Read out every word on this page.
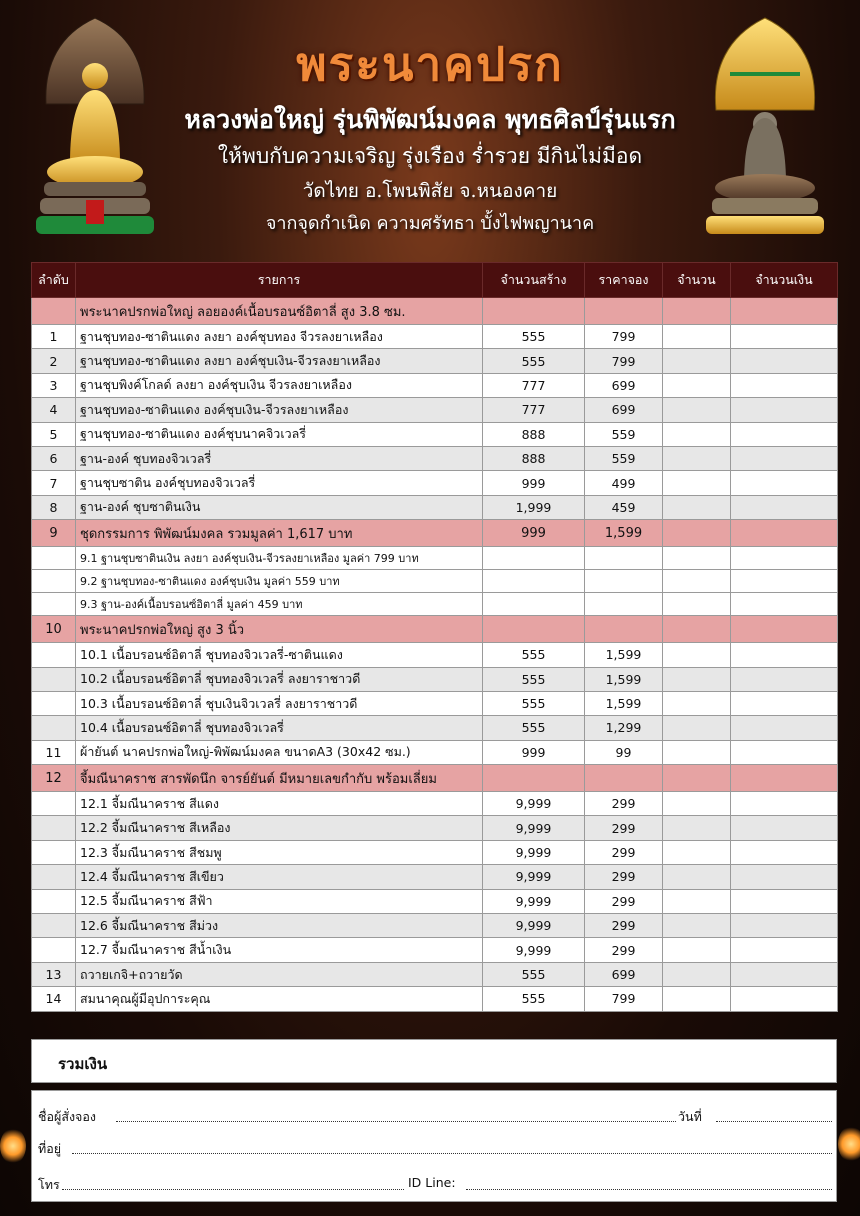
พระนาคปรก
หลวงพ่อใหญ่ รุ่นพิพัฒน์มงคล พุทธศิลป์รุ่นแรก
ให้พบกับความเจริญ รุ่งเรือง ร่ำรวย มีกินไม่มีอด
วัดไทย อ.โพนพิสัย จ.หนองคาย
จากจุดกำเนิด ความศรัทธา บั้งไฟพญานาค
ลำดับ	รายการ	จำนวนสร้าง	ราคาจอง	จำนวน	จำนวนเงิน
	พระนาคปรกพ่อใหญ่ ลอยองค์เนื้อบรอนซ์อิตาลี่ สูง 3.8 ซม.				
1	ฐานชุบทอง-ซาตินแดง ลงยา องค์ชุบทอง จีวรลงยาเหลือง	555	799		
2	ฐานชุบทอง-ซาตินแดง ลงยา องค์ชุบเงิน-จีวรลงยาเหลือง	555	799		
3	ฐานชุบพิงค์โกลด์ ลงยา องค์ชุบเงิน จีวรลงยาเหลือง	777	699		
4	ฐานชุบทอง-ซาตินแดง องค์ชุบเงิน-จีวรลงยาเหลือง	777	699		
5	ฐานชุบทอง-ซาตินแดง องค์ชุบนาคจิวเวลรี่	888	559		
6	ฐาน-องค์ ชุบทองจิวเวลรี่	888	559		
7	ฐานชุบซาติน องค์ชุบทองจิวเวลรี่	999	499		
8	ฐาน-องค์ ชุบซาตินเงิน	1,999	459		
9	ชุดกรรมการ พิพัฒน์มงคล รวมมูลค่า 1,617 บาท	999	1,599		
	9.1 ฐานชุบซาตินเงิน ลงยา องค์ชุบเงิน-จีวรลงยาเหลือง มูลค่า 799 บาท				
	9.2 ฐานชุบทอง-ซาตินแดง องค์ชุบเงิน มูลค่า 559 บาท				
	9.3 ฐาน-องค์เนื้อบรอนซ์อิตาลี่ มูลค่า 459 บาท				
10	พระนาคปรกพ่อใหญ่ สูง 3 นิ้ว				
	10.1 เนื้อบรอนซ์อิตาลี่ ชุบทองจิวเวลรี่-ซาตินแดง	555	1,599		
	10.2 เนื้อบรอนซ์อิตาลี่ ชุบทองจิวเวลรี่ ลงยาราชาวดี	555	1,599		
	10.3 เนื้อบรอนซ์อิตาลี่ ชุบเงินจิวเวลรี่ ลงยาราชาวดี	555	1,599		
	10.4 เนื้อบรอนซ์อิตาลี่ ชุบทองจิวเวลรี่	555	1,299		
11	ผ้ายันต์ นาคปรกพ่อใหญ่-พิพัฒน์มงคล ขนาดA3 (30x42 ซม.)	999	99		
12	จี้มณีนาคราช สารพัดนึก จารย์ยันต์ มีหมายเลขกำกับ พร้อมเลี่ยม				
	12.1 จี้มณีนาคราช สีแดง	9,999	299		
	12.2 จี้มณีนาคราช สีเหลือง	9,999	299		
	12.3 จี้มณีนาคราช สีชมพู	9,999	299		
	12.4 จี้มณีนาคราช สีเขียว	9,999	299		
	12.5 จี้มณีนาคราช สีฟ้า	9,999	299		
	12.6 จี้มณีนาคราช สีม่วง	9,999	299		
	12.7 จี้มณีนาคราช สีน้ำเงิน	9,999	299		
13	ถวายเกจิ+ถวายวัด	555	699		
14	สมนาคุณผู้มีอุปการะคุณ	555	799		
รวมเงิน
ชื่อผู้สั่งจอง	วันที่
ที่อยู่
โทร	ID Line:
